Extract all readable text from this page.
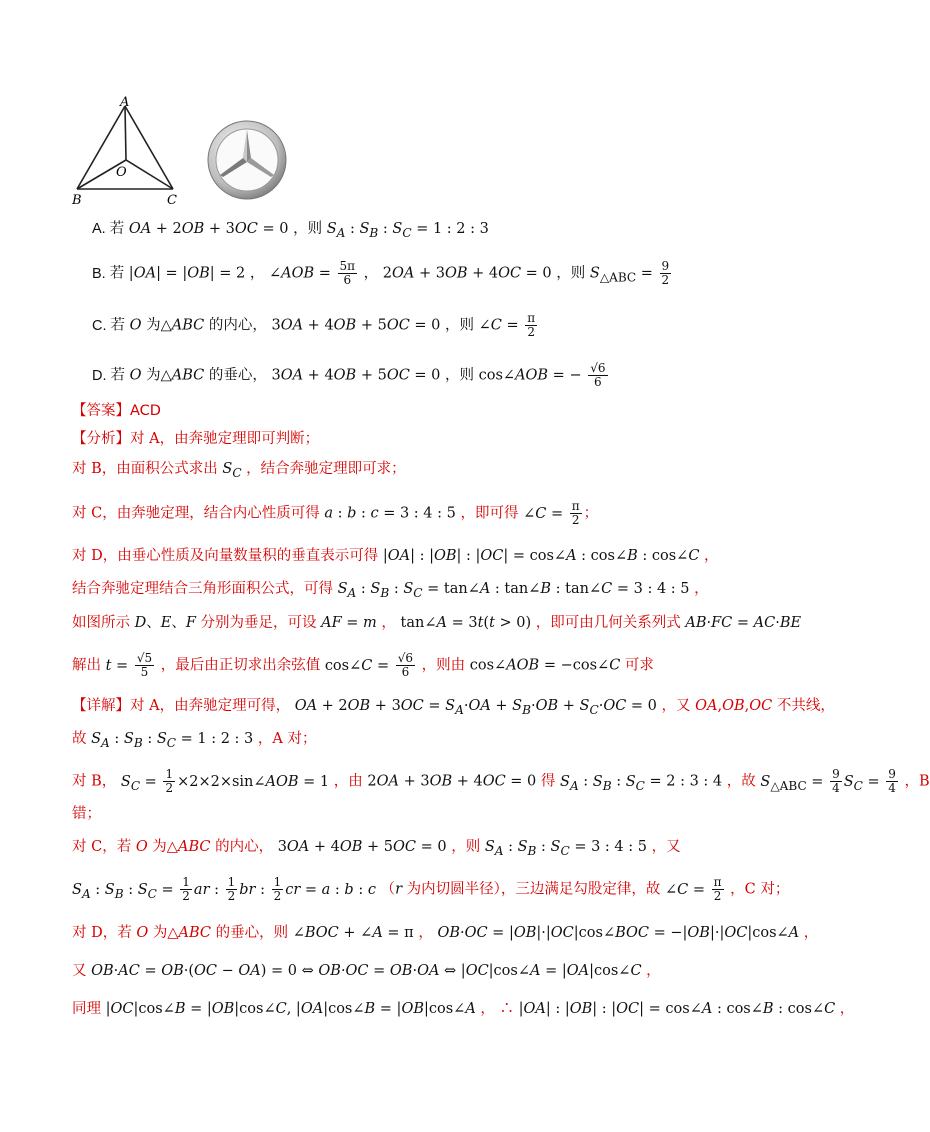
A
O
B	C
A. 若 OA + 2OB + 3OC = 0 ，则 $S_A$ : $S_B$ : $S_C = 1$ : 2 : 3
B. 若 |OA| = |OB| = 2 ， ∠AOB = $\frac{5\pi}{6}$ ， 2OA + 3OB + 4OC = 0 ，则 $S_{\triangle ABC} = \frac{9}{2}$
C. 若 O 为△ABC 的内心， 3OA + 4OB + 5OC = 0 ，则 ∠C = $\frac{\pi}{2}$
D. 若 O 为△ABC 的垂心， 3OA + 4OB + 5OC = 0 ，则 cos∠AOB = − $\frac{√6}{6}$
【答案】ACD
【分析】对 A，由奔驰定理即可判断；
对 B，由面积公式求出 $S_C$ ，结合奔驰定理即可求；
对 C，由奔驰定理，结合内心性质可得 a : b : c = 3 : 4 : 5 ，即可得 ∠C = $\frac{\pi}{2}$ ；
对 D，由垂心性质及向量数量积的垂直表示可得 |OA| : |OB| : |OC| = cos∠A : cos∠B : cos∠C ，
结合奔驰定理结合三角形面积公式，可得 $S_A$ : $S_B$ : $S_C$ = tan∠A : tan∠B : tan∠C = 3 : 4 : 5 ，
如图所示 D、E、F 分别为垂足，可设 AF = m ， tan∠A = 3t(t > 0) ，即可由几何关系列式 AB·FC = AC·BE
解出 $t = \frac{√5}{5}$ ，最后由正切求出余弦值 cos∠C = $\frac{√6}{6}$ ，则由 cos∠AOB = −cos∠C 可求
【详解】对 A，由奔驰定理可得， OA + $2OB + 3OC = S_A\cdot OA + S_B\cdot OB + S_C\cdot OC = 0$ ，又 OA,OB,OC 不共线，
故 $S_A$ : $S_B$ : $S_C = 1$ : 2 : 3 ，A 对；
对 B， $S_C = \frac{1}{2}$ ×2×2×sin∠AOB = 1 ，由 2OA + 3OB + 4OC = 0 得 $S_A$ : $S_B$ : $S_C = 2$ : 3 : 4 ，故 $S_{\triangle ABC} = \frac{9}{4} S_C = \frac{9}{4}$ ，B
错；
对 C，若 O 为△ABC 的内心， 3OA + 4OB + 5OC = 0 ，则 $S_A$ : $S_B$ : $S_C = 3$ : 4 : 5 ，又
$S_A$ : $S_B$ : $S_C = \frac{1}{2}$ ar : $\frac{1}{2}$ br : $\frac{1}{2}$ cr = a : b : c （r 为内切圆半径），三边满足勾股定律，故 ∠C = $\frac{\pi}{2}$ ，C 对；
对 D，若 O 为△ABC 的垂心，则 ∠BOC + ∠A = π ， OB·OC = |OB|·|OC|cos∠BOC = −|OB|·|OC|cos∠A ，
又 OB·AC = OB·(OC − OA) = 0 ⇔ OB·OC = OB·OA ⇔ |OC|cos∠A = |OA|cos∠C ，
同理 |OC|cos∠B = |OB|cos∠C, |OA|cos∠B = |OB|cos∠A ， ∴ |OA| : |OB| : |OC| = cos∠A : cos∠B : cos∠C ，
